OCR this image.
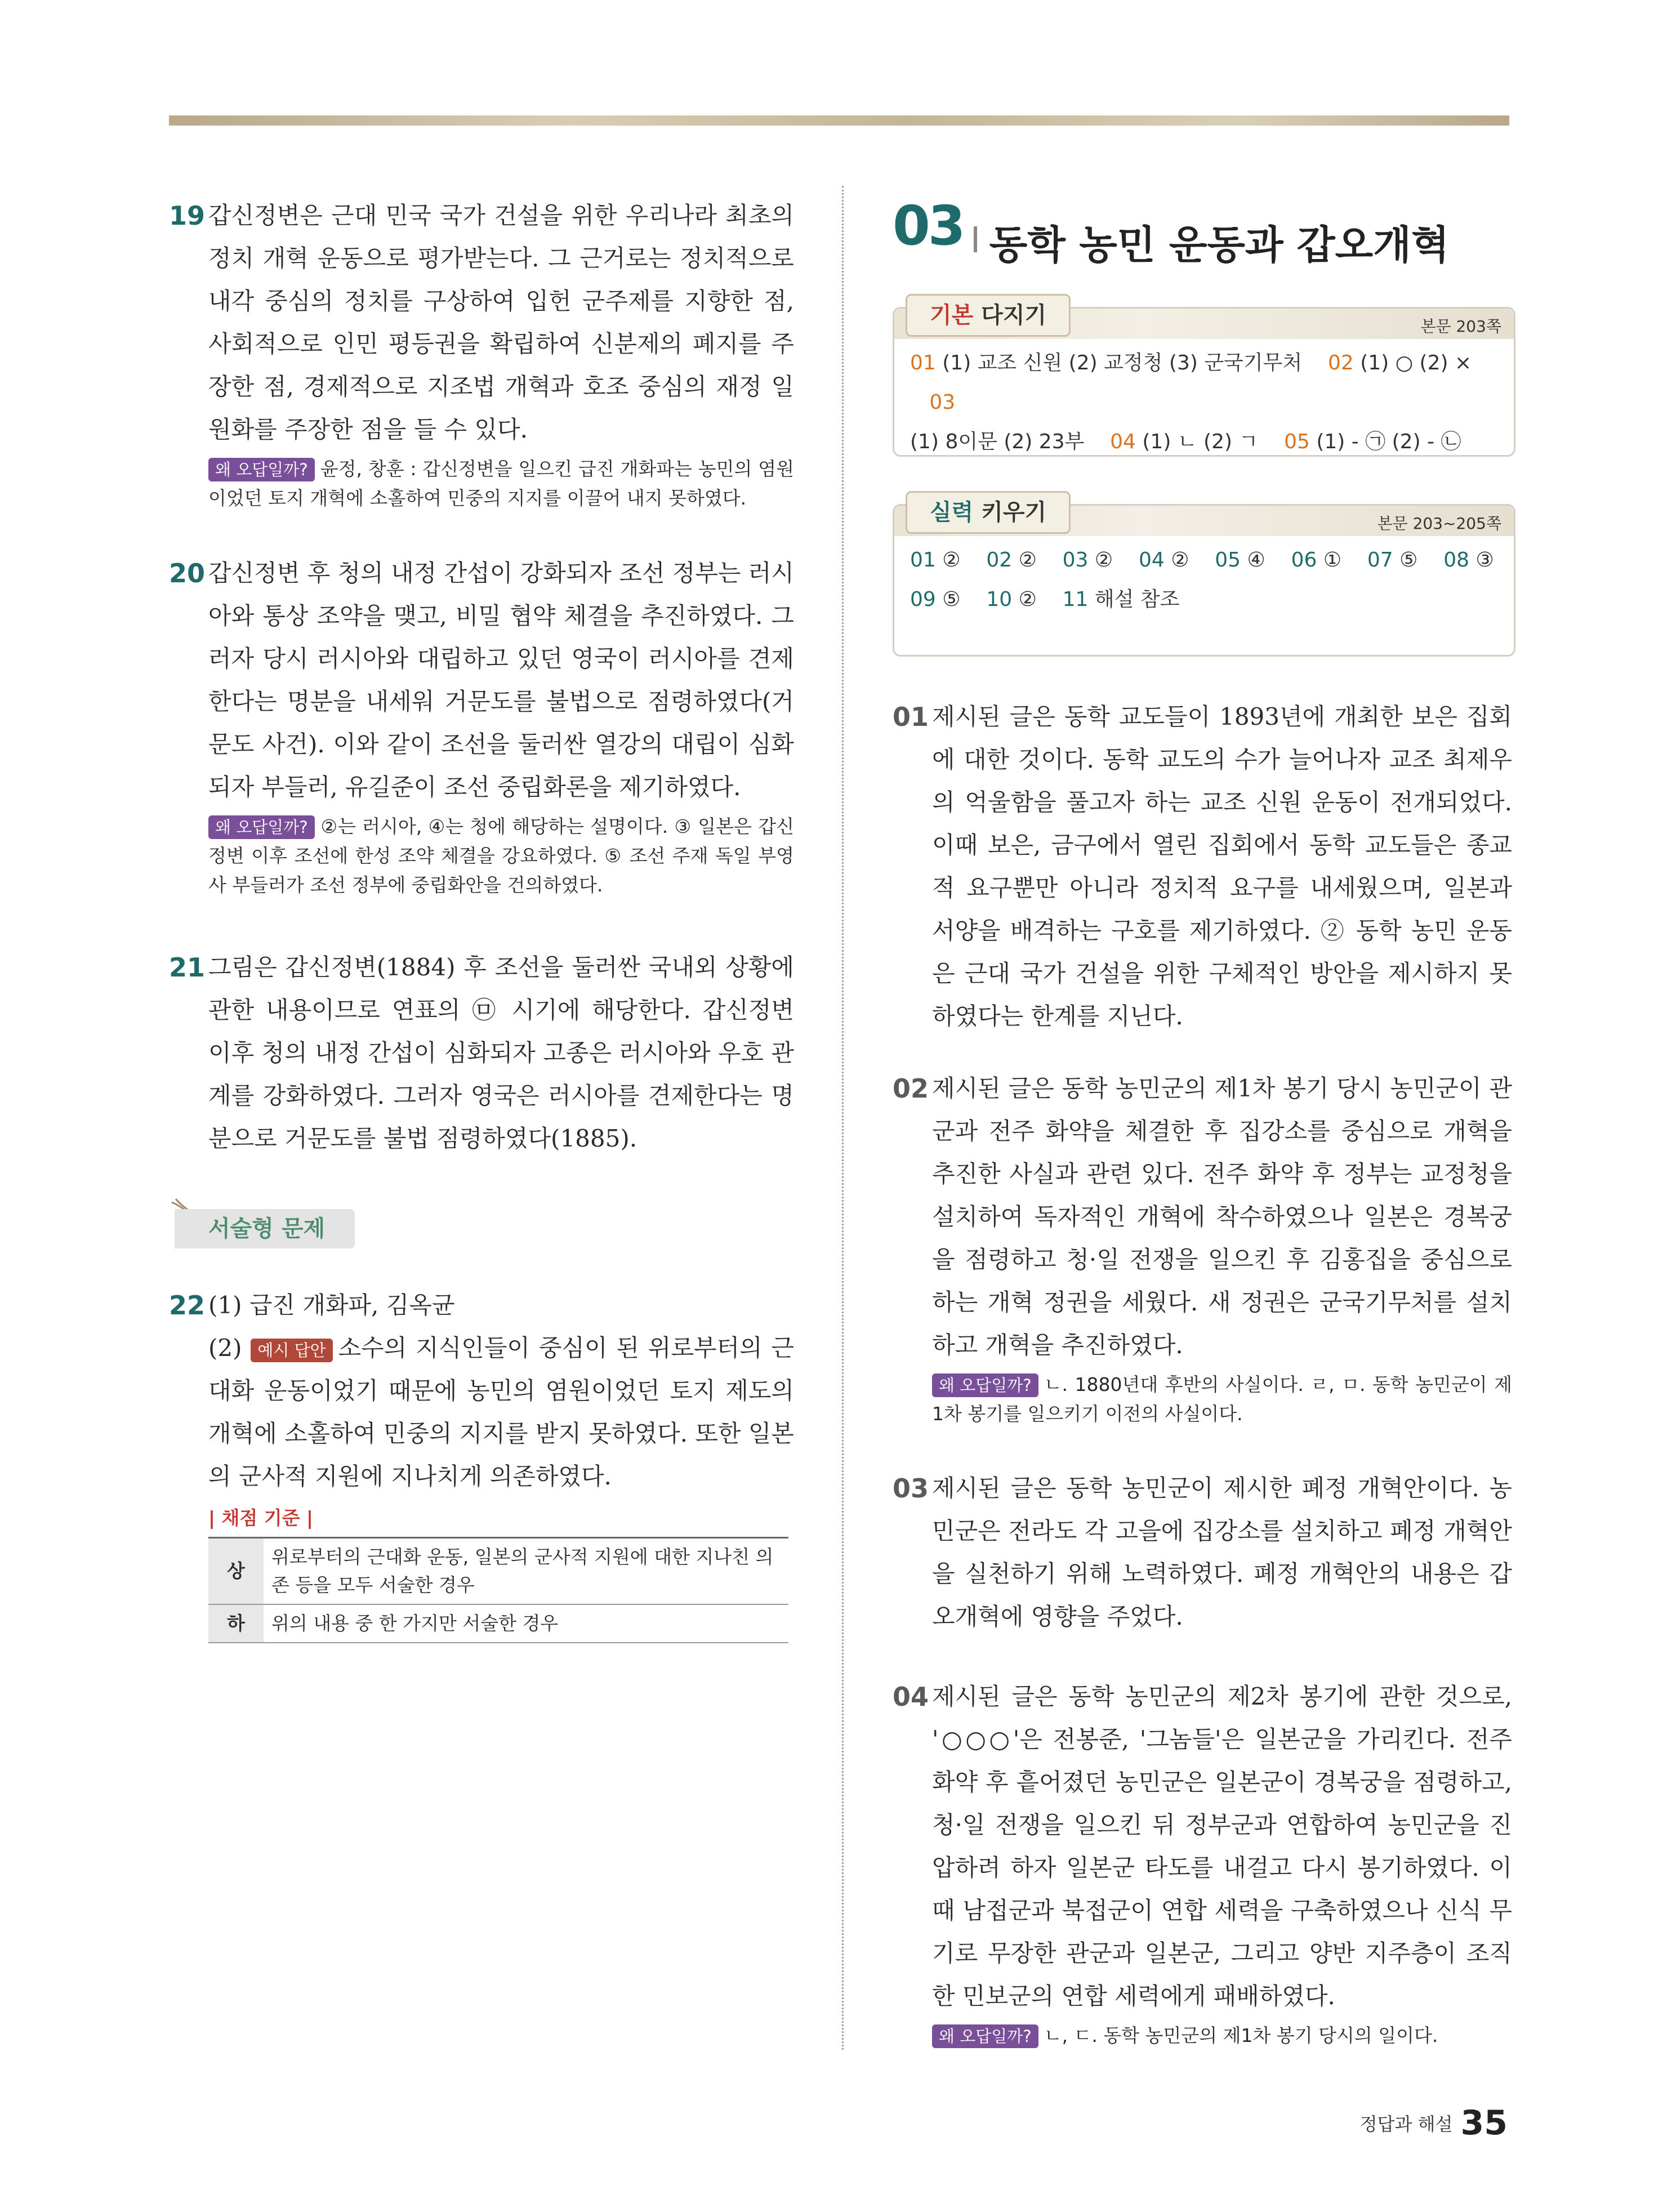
19 갑신정변은 근대 민국 국가 건설을 위한 우리나라 최초의 정치 개혁 운동으로 평가받는다. 그 근거로는 정치적으로 내각 중심의 정치를 구상하여 입헌 군주제를 지향한 점, 사회적으로 인민 평등권을 확립하여 신분제의 폐지를 주장한 점, 경제적으로 지조법 개혁과 호조 중심의 재정 일원화를 주장한 점을 들 수 있다.
왜 오답일까? 윤정, 창훈 : 갑신정변을 일으킨 급진 개화파는 농민의 염원이었던 토지 개혁에 소홀하여 민중의 지지를 이끌어 내지 못하였다.
20 갑신정변 후 청의 내정 간섭이 강화되자 조선 정부는 러시아와 통상 조약을 맺고, 비밀 협약 체결을 추진하였다. 그러자 당시 러시아와 대립하고 있던 영국이 러시아를 견제한다는 명분을 내세워 거문도를 불법으로 점령하였다(거문도 사건). 이와 같이 조선을 둘러싼 열강의 대립이 심화되자 부들러, 유길준이 조선 중립화론을 제기하였다.
왜 오답일까? ②는 러시아, ④는 청에 해당하는 설명이다. ③ 일본은 갑신정변 이후 조선에 한성 조약 체결을 강요하였다. ⑤ 조선 주재 독일 부영사 부들러가 조선 정부에 중립화안을 건의하였다.
21 그림은 갑신정변(1884) 후 조선을 둘러싼 국내외 상황에 관한 내용이므로 연표의 ㉤ 시기에 해당한다. 갑신정변 이후 청의 내정 간섭이 심화되자 고종은 러시아와 우호 관계를 강화하였다. 그러자 영국은 러시아를 견제한다는 명분으로 거문도를 불법 점령하였다(1885).
서술형 문제
22 (1) 급진 개화파, 김옥균
(2) 예시 답안 소수의 지식인들이 중심이 된 위로부터의 근대화 운동이었기 때문에 농민의 염원이었던 토지 제도의 개혁에 소홀하여 민중의 지지를 받지 못하였다. 또한 일본의 군사적 지원에 지나치게 의존하였다.
| 채점 기준 |
상	위로부터의 근대화 운동, 일본의 군사적 지원에 대한 지나친 의존 등을 모두 서술한 경우
하	위의 내용 중 한 가지만 서술한 경우
03 동학 농민 운동과 갑오개혁
기본 다지기	본문 203쪽
01 (1) 교조 신원 (2) 교정청 (3) 군국기무처 02 (1) ○ (2) ×    03
(1) 8이문 (2) 23부 04 (1) ㄴ (2) ㄱ 05 (1) - ㉠ (2) - ㉡
실력 키우기	본문 203~205쪽
01 ② 02 ② 03 ② 04 ② 05 ④ 06 ① 07 ⑤ 08 ③
09 ⑤ 10 ② 11 해설 참조
01 제시된 글은 동학 교도들이 1893년에 개최한 보은 집회에 대한 것이다. 동학 교도의 수가 늘어나자 교조 최제우의 억울함을 풀고자 하는 교조 신원 운동이 전개되었다. 이때 보은, 금구에서 열린 집회에서 동학 교도들은 종교적 요구뿐만 아니라 정치적 요구를 내세웠으며, 일본과 서양을 배격하는 구호를 제기하였다. ② 동학 농민 운동은 근대 국가 건설을 위한 구체적인 방안을 제시하지 못하였다는 한계를 지닌다.
02 제시된 글은 동학 농민군의 제1차 봉기 당시 농민군이 관군과 전주 화약을 체결한 후 집강소를 중심으로 개혁을 추진한 사실과 관련 있다. 전주 화약 후 정부는 교정청을 설치하여 독자적인 개혁에 착수하였으나 일본은 경복궁을 점령하고 청·일 전쟁을 일으킨 후 김홍집을 중심으로 하는 개혁 정권을 세웠다. 새 정권은 군국기무처를 설치하고 개혁을 추진하였다.
왜 오답일까? ㄴ. 1880년대 후반의 사실이다. ㄹ, ㅁ. 동학 농민군이 제1차 봉기를 일으키기 이전의 사실이다.
03 제시된 글은 동학 농민군이 제시한 폐정 개혁안이다. 농민군은 전라도 각 고을에 집강소를 설치하고 폐정 개혁안을 실천하기 위해 노력하였다. 폐정 개혁안의 내용은 갑오개혁에 영향을 주었다.
04 제시된 글은 동학 농민군의 제2차 봉기에 관한 것으로, '○○○'은 전봉준, '그놈들'은 일본군을 가리킨다. 전주 화약 후 흩어졌던 농민군은 일본군이 경복궁을 점령하고, 청·일 전쟁을 일으킨 뒤 정부군과 연합하여 농민군을 진압하려 하자 일본군 타도를 내걸고 다시 봉기하였다. 이때 남접군과 북접군이 연합 세력을 구축하였으나 신식 무기로 무장한 관군과 일본군, 그리고 양반 지주층이 조직한 민보군의 연합 세력에게 패배하였다.
왜 오답일까? ㄴ, ㄷ. 동학 농민군의 제1차 봉기 당시의 일이다.
정답과 해설 35
